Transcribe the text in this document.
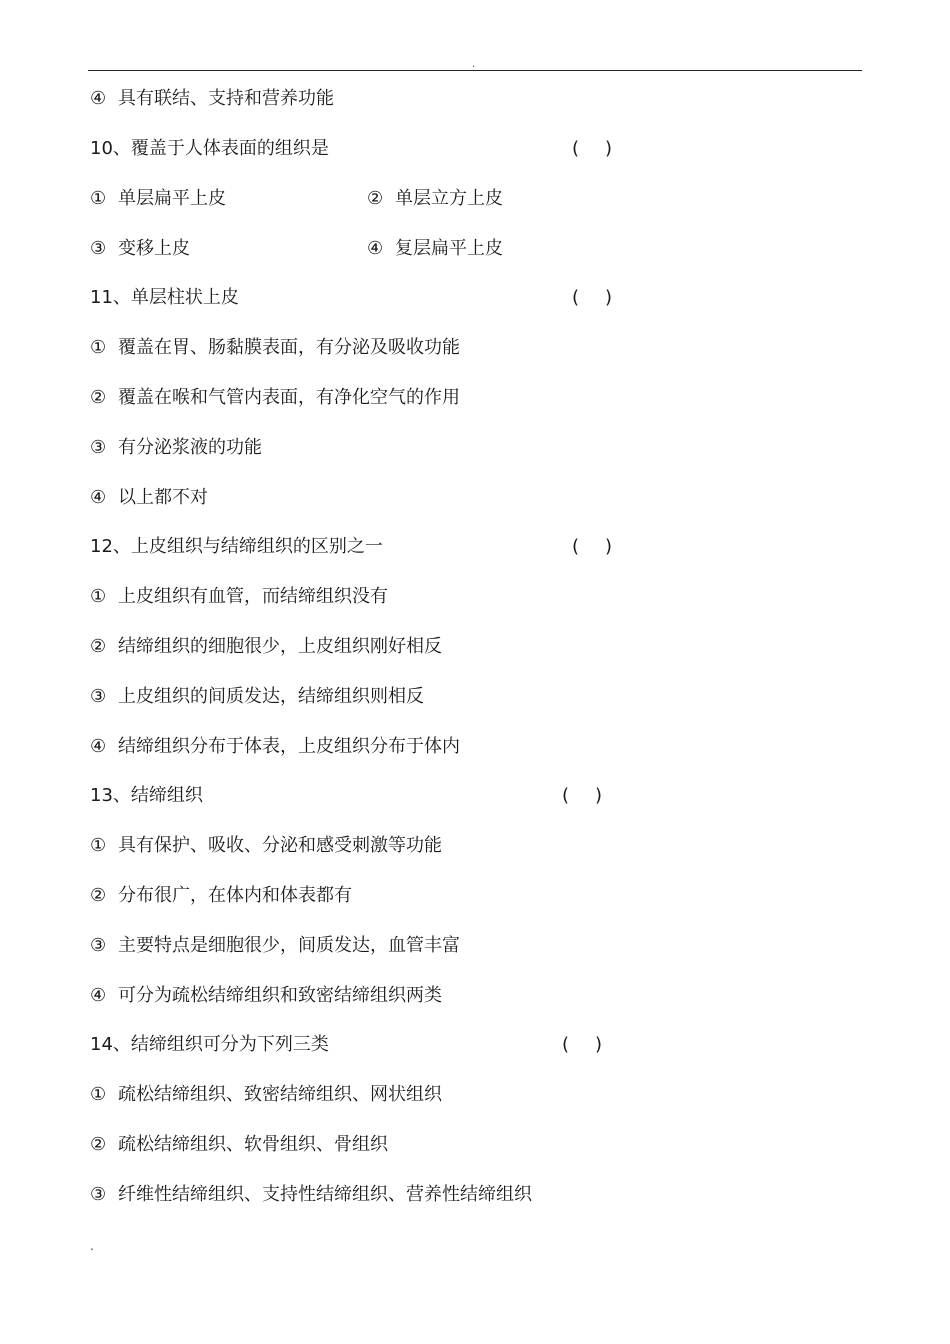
.
④ 具有联结、支持和营养功能
10、覆盖于人体表面的组织是	( )
① 单层扁平上皮	② 单层立方上皮
③ 变移上皮	④ 复层扁平上皮
11、单层柱状上皮	( )
① 覆盖在胃、肠黏膜表面，有分泌及吸收功能
② 覆盖在喉和气管内表面，有净化空气的作用
③ 有分泌浆液的功能
④ 以上都不对
12、上皮组织与结缔组织的区别之一	( )
① 上皮组织有血管，而结缔组织没有
② 结缔组织的细胞很少，上皮组织刚好相反
③ 上皮组织的间质发达，结缔组织则相反
④ 结缔组织分布于体表，上皮组织分布于体内
13、结缔组织	( )
① 具有保护、吸收、分泌和感受刺激等功能
② 分布很广，在体内和体表都有
③ 主要特点是细胞很少，间质发达，血管丰富
④ 可分为疏松结缔组织和致密结缔组织两类
14、结缔组织可分为下列三类	( )
① 疏松结缔组织、致密结缔组织、网状组织
② 疏松结缔组织、软骨组织、骨组织
③ 纤维性结缔组织、支持性结缔组织、营养性结缔组织
.
